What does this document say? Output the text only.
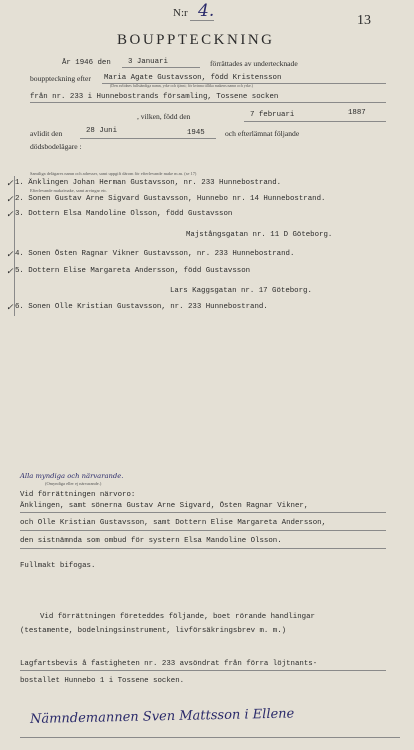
N:r 4.	13
BOUPPTECKNING
År 1946 den 3 Januari	förrättades av undertecknade
bouppteckning efter Maria Agate Gustavsson, född Kristensson
(Den avlidnes fullständiga namn, yrke och tjänst; för kvinna tillika makens namn och yrke.)
från nr. 233 i Hunnebostrands församling, Tossene socken
, vilken, född den	7 februari	1887
avlidit den	28 Juni	1945	och efterlämnat följande
dödsbodelägare :
Samtliga delägares namn och adresser, samt uppgift därom för efterlevande make m.m. (se 17)
✓ 1. Änklingen Johan Herman Gustavsson, nr. 233 Hunnebostrand.
Efterlevande maka/make, samt arvingar etc.
✓ 2. Sonen Gustav Arne Sigvard Gustavsson, Hunnebo nr. 14 Hunnebostrand.
✓ 3. Dottern Elsa Mandoline Olsson, född Gustavsson
Majstångsgatan nr. 11 D Göteborg.
✓ 4. Sonen Östen Ragnar Vikner Gustavsson, nr. 233 Hunnebostrand.
✓ 5. Dottern Elise Margareta Andersson, född Gustavsson
Lars Kaggsgatan nr. 17 Göteborg.
✓ 6. Sonen Olle Kristian Gustavsson, nr. 233 Hunnebostrand.
Alla myndiga och närvarande.
(Omyndiga eller ej närvarande.)
Vid förrättningen närvoro:
Änklingen, samt sönerna Gustav Arne Sigvard, Östen Ragnar Vikner,
och Olle Kristian Gustavsson, samt Dottern Elise Margareta Andersson,
den sistnämnda som ombud för systern Elsa Mandoline Olsson.
Fullmakt bifogas.
Vid förrättningen företeddes följande, boet rörande handlingar
(testamente, bodelningsinstrument, livförsäkringsbrev m. m.)
Lagfartsbevis å fastigheten nr. 233 avsöndrat från förra löjtnants-
bostallet Hunnebo 1 i Tossene socken.
Nämndemannen Sven Mattsson i Ellene
